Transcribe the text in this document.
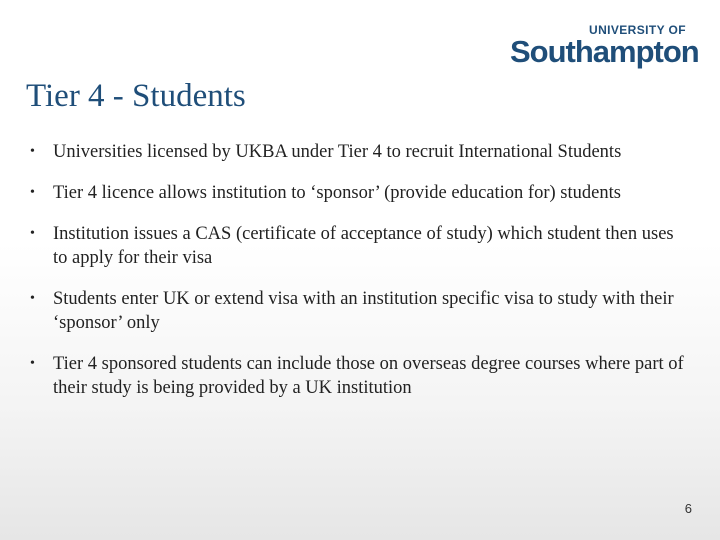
UNIVERSITY OF
Southampton
Tier 4 - Students
• Universities licensed by UKBA under Tier 4 to recruit International Students
• Tier 4 licence allows institution to ‘sponsor’ (provide education for) students
• Institution issues a CAS (certificate of acceptance of study) which student then uses to apply for their visa
• Students enter UK or extend visa with an institution specific visa to study with their ‘sponsor’ only
• Tier 4 sponsored students can include those on overseas degree courses where part of their study is being provided by a UK institution
6
